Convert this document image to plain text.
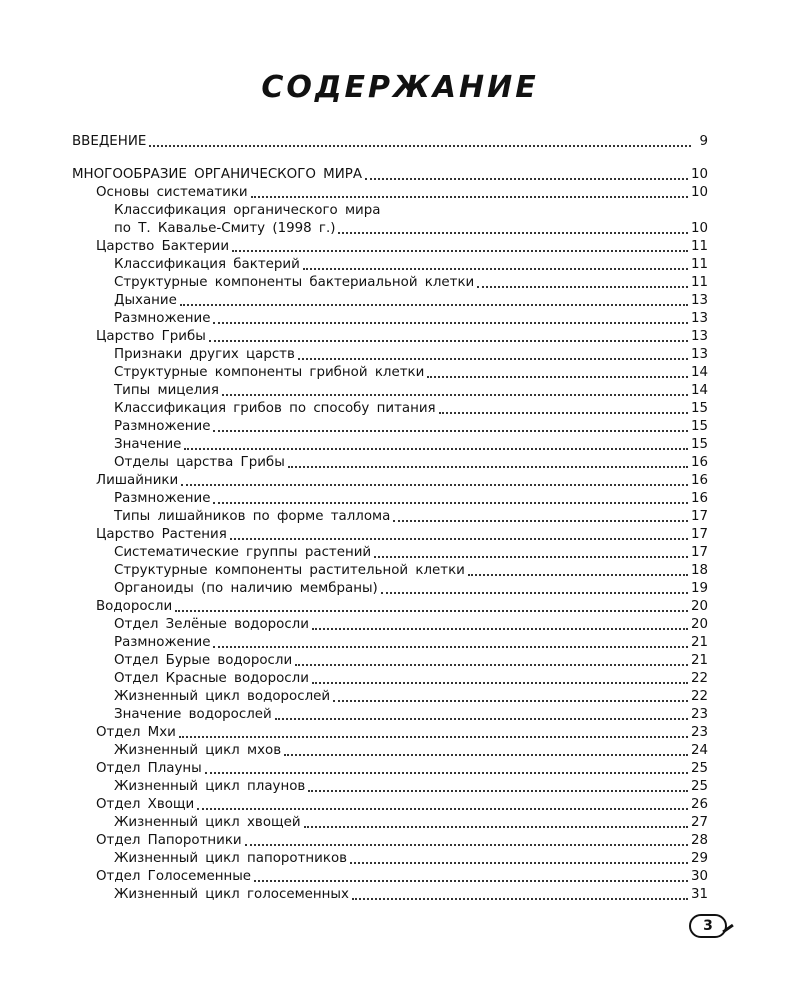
СОДЕРЖАНИЕ
ВВЕДЕНИЕ	9
МНОГООБРАЗИЕ ОРГАНИЧЕСКОГО МИРА	10
Основы систематики	10
Классификация органического мира
по Т. Кавалье-Смиту (1998 г.)	10
Царство Бактерии	11
Классификация бактерий	11
Структурные компоненты бактериальной клетки	11
Дыхание	13
Размножение	13
Царство Грибы	13
Признаки других царств	13
Структурные компоненты грибной клетки	14
Типы мицелия	14
Классификация грибов по способу питания	15
Размножение	15
Значение	15
Отделы царства Грибы	16
Лишайники	16
Размножение	16
Типы лишайников по форме таллома	17
Царство Растения	17
Систематические группы растений	17
Структурные компоненты растительной клетки	18
Органоиды (по наличию мембраны)	19
Водоросли	20
Отдел Зелёные водоросли	20
Размножение	21
Отдел Бурые водоросли	21
Отдел Красные водоросли	22
Жизненный цикл водорослей	22
Значение водорослей	23
Отдел Мхи	23
Жизненный цикл мхов	24
Отдел Плауны	25
Жизненный цикл плаунов	25
Отдел Хвощи	26
Жизненный цикл хвощей	27
Отдел Папоротники	28
Жизненный цикл папоротников	29
Отдел Голосеменные	30
Жизненный цикл голосеменных	31
3
